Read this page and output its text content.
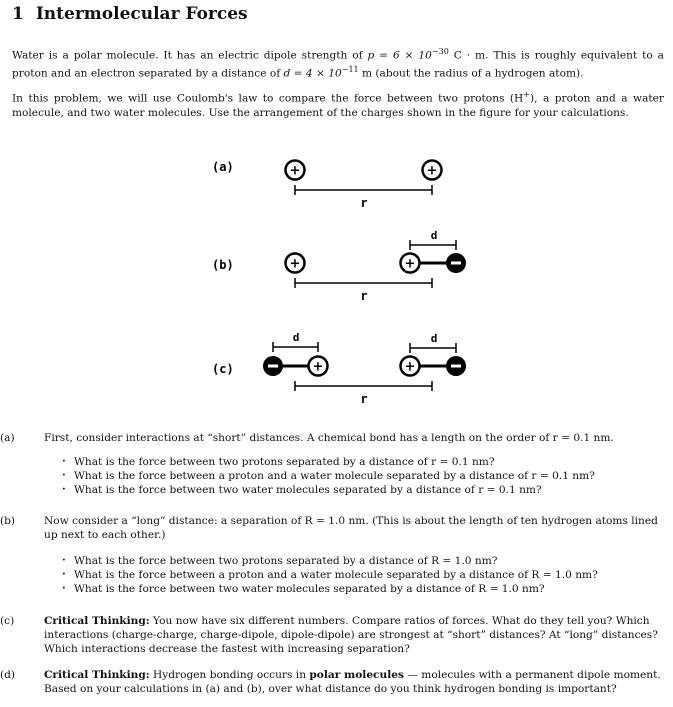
1 Intermolecular Forces

Water is a polar molecule. It has an electric dipole strength of $p = 6 \times 10^{-30}$ C · m. This is roughly equivalent to a proton and an electron separated by a distance of $d = 4 \times 10^{-11}$ m (about the radius of a hydrogen atom).

In this problem, we will use Coulomb's law to compare the force between two protons (H+), a proton and a water molecule, and two water molecules. Use the arrangement of the charges shown in the figure for your calculations.

(a)	+	+
r
(b)	+
d
+
r
(c)
d
+
d
+
r

(a)	First, consider interactions at “short” distances. A chemical bond has a length on the order of r = 0.1 nm.

· What is the force between two protons separated by a distance of r = 0.1 nm?
· What is the force between a proton and a water molecule separated by a distance of r = 0.1 nm?
· What is the force between two water molecules separated by a distance of r = 0.1 nm?

(b)	Now consider a “long” distance: a separation of R = 1.0 nm. (This is about the length of ten hydrogen atoms lined up next to each other.)

· What is the force between two protons separated by a distance of R = 1.0 nm?
· What is the force between a proton and a water molecule separated by a distance of R = 1.0 nm?
· What is the force between two water molecules separated by a distance of R = 1.0 nm?

(c)	Critical Thinking: You now have six different numbers. Compare ratios of forces. What do they tell you? Which interactions (charge-charge, charge-dipole, dipole-dipole) are strongest at “short” distances? At “long” distances? Which interactions decrease the fastest with increasing separation?

(d)	Critical Thinking: Hydrogen bonding occurs in polar molecules — molecules with a permanent dipole moment. Based on your calculations in (a) and (b), over what distance do you think hydrogen bonding is important?
